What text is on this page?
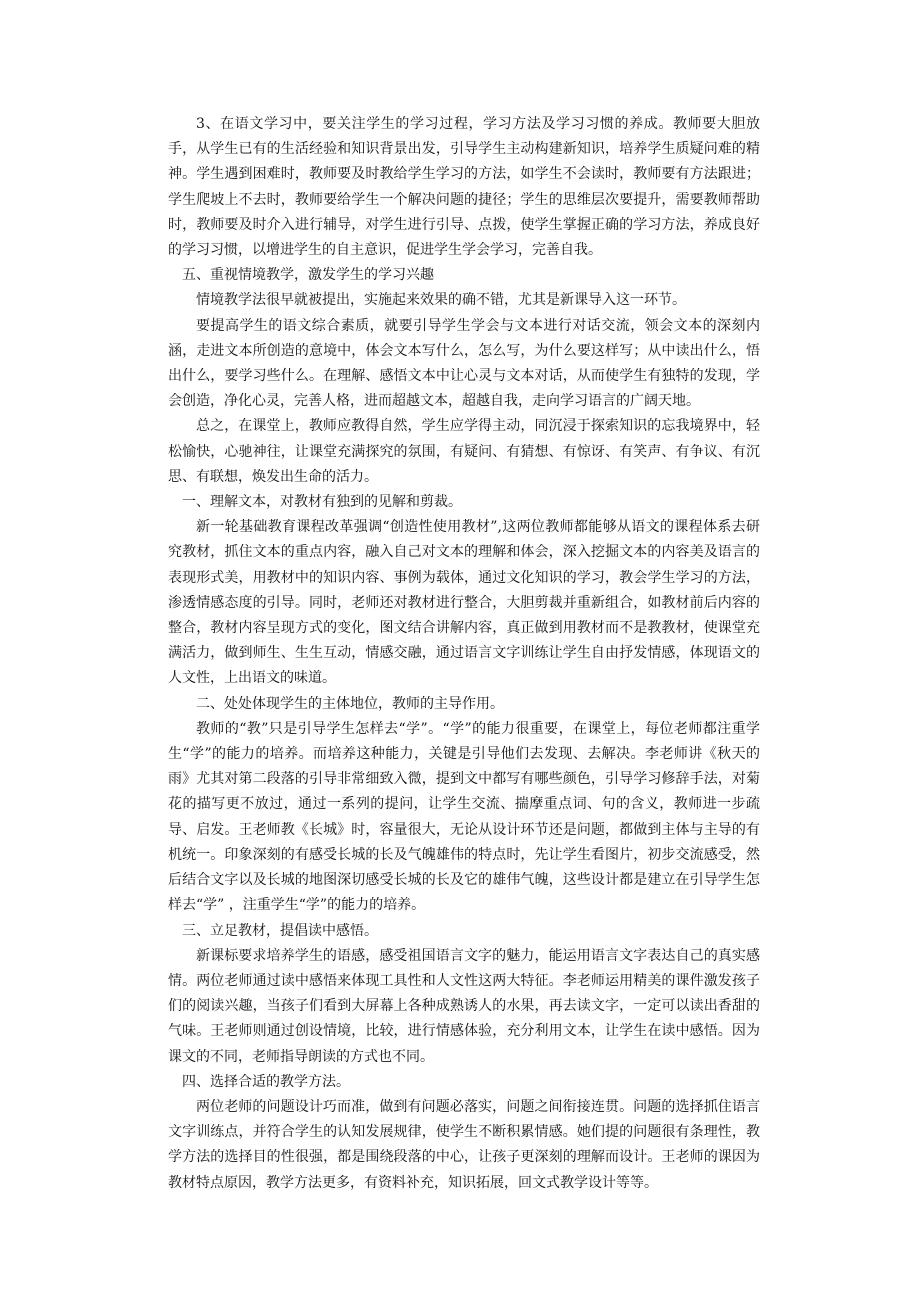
3、在语文学习中，要关注学生的学习过程，学习方法及学习习惯的养成。教师要大胆放手，从学生已有的生活经验和知识背景出发，引导学生主动构建新知识，培养学生质疑问难的精神。学生遇到困难时，教师要及时教给学生学习的方法，如学生不会读时，教师要有方法跟进；学生爬坡上不去时，教师要给学生一个解决问题的捷径；学生的思维层次要提升，需要教师帮助时，教师要及时介入进行辅导，对学生进行引导、点拨，使学生掌握正确的学习方法，养成良好的学习习惯，以增进学生的自主意识，促进学生学会学习，完善自我。

五、重视情境教学，激发学生的学习兴趣

情境教学法很早就被提出，实施起来效果的确不错，尤其是新课导入这一环节。

要提高学生的语文综合素质，就要引导学生学会与文本进行对话交流，领会文本的深刻内涵，走进文本所创造的意境中，体会文本写什么，怎么写，为什么要这样写；从中读出什么，悟出什么，要学习些什么。在理解、感悟文本中让心灵与文本对话，从而使学生有独特的发现，学会创造，净化心灵，完善人格，进而超越文本，超越自我，走向学习语言的广阔天地。

总之，在课堂上，教师应教得自然，学生应学得主动，同沉浸于探索知识的忘我境界中，轻松愉快，心驰神往，让课堂充满探究的氛围，有疑问、有猜想、有惊讶、有笑声、有争议、有沉思、有联想，焕发出生命的活力。

一、理解文本，对教材有独到的见解和剪裁。

新一轮基础教育课程改革强调“创造性使用教材”,这两位教师都能够从语文的课程体系去研究教材，抓住文本的重点内容，融入自己对文本的理解和体会，深入挖掘文本的内容美及语言的表现形式美，用教材中的知识内容、事例为载体，通过文化知识的学习，教会学生学习的方法，渗透情感态度的引导。同时，老师还对教材进行整合，大胆剪裁并重新组合，如教材前后内容的整合，教材内容呈现方式的变化，图文结合讲解内容，真正做到用教材而不是教教材，使课堂充满活力，做到师生、生生互动，情感交融，通过语言文字训练让学生自由抒发情感，体现语文的人文性，上出语文的味道。

二、处处体现学生的主体地位，教师的主导作用。

教师的“教”只是引导学生怎样去“学”。“学”的能力很重要，在课堂上，每位老师都注重学生“学”的能力的培养。而培养这种能力，关键是引导他们去发现、去解决。李老师讲《秋天的雨》尤其对第二段落的引导非常细致入微，提到文中都写有哪些颜色，引导学习修辞手法，对菊花的描写更不放过，通过一系列的提问，让学生交流、揣摩重点词、句的含义，教师进一步疏导、启发。王老师教《长城》时，容量很大，无论从设计环节还是问题，都做到主体与主导的有机统一。印象深刻的有感受长城的长及气魄雄伟的特点时，先让学生看图片，初步交流感受，然后结合文字以及长城的地图深切感受长城的长及它的雄伟气魄，这些设计都是建立在引导学生怎样去“学” ，注重学生“学”的能力的培养。

三、立足教材，提倡读中感悟。

新课标要求培养学生的语感，感受祖国语言文字的魅力，能运用语言文字表达自己的真实感情。两位老师通过读中感悟来体现工具性和人文性这两大特征。李老师运用精美的课件激发孩子们的阅读兴趣，当孩子们看到大屏幕上各种成熟诱人的水果，再去读文字，一定可以读出香甜的气味。王老师则通过创设情境，比较，进行情感体验，充分利用文本，让学生在读中感悟。因为课文的不同，老师指导朗读的方式也不同。

四、选择合适的教学方法。

两位老师的问题设计巧而准，做到有问题必落实，问题之间衔接连贯。问题的选择抓住语言文字训练点，并符合学生的认知发展规律，使学生不断积累情感。她们提的问题很有条理性，教学方法的选择目的性很强，都是围绕段落的中心，让孩子更深刻的理解而设计。王老师的课因为教材特点原因，教学方法更多，有资料补充，知识拓展，回文式教学设计等等。
